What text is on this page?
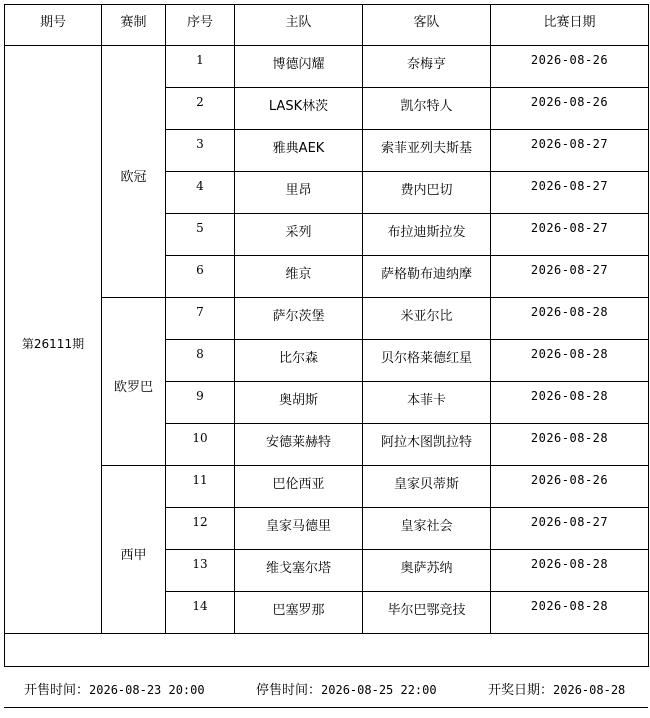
期号	赛制	序号	主队	客队	比赛日期
第26111期	欧冠	1	博德闪耀	奈梅亨	2026-08-26
		2	LASK林茨	凯尔特人	2026-08-26
		3	雅典AEK	索菲亚列夫斯基	2026-08-27
		4	里昂	费内巴切	2026-08-27
		5	采列	布拉迪斯拉发	2026-08-27
		6	维京	萨格勒布迪纳摩	2026-08-27
	欧罗巴	7	萨尔茨堡	米亚尔比	2026-08-28
		8	比尔森	贝尔格莱德红星	2026-08-28
		9	奥胡斯	本菲卡	2026-08-28
		10	安德莱赫特	阿拉木图凯拉特	2026-08-28
	西甲	11	巴伦西亚	皇家贝蒂斯	2026-08-26
		12	皇家马德里	皇家社会	2026-08-27
		13	维戈塞尔塔	奥萨苏纳	2026-08-28
		14	巴塞罗那	毕尔巴鄂竞技	2026-08-28

开售时间：2026-08-23 20:00	停售时间：2026-08-25 22:00	开奖日期：2026-08-28
